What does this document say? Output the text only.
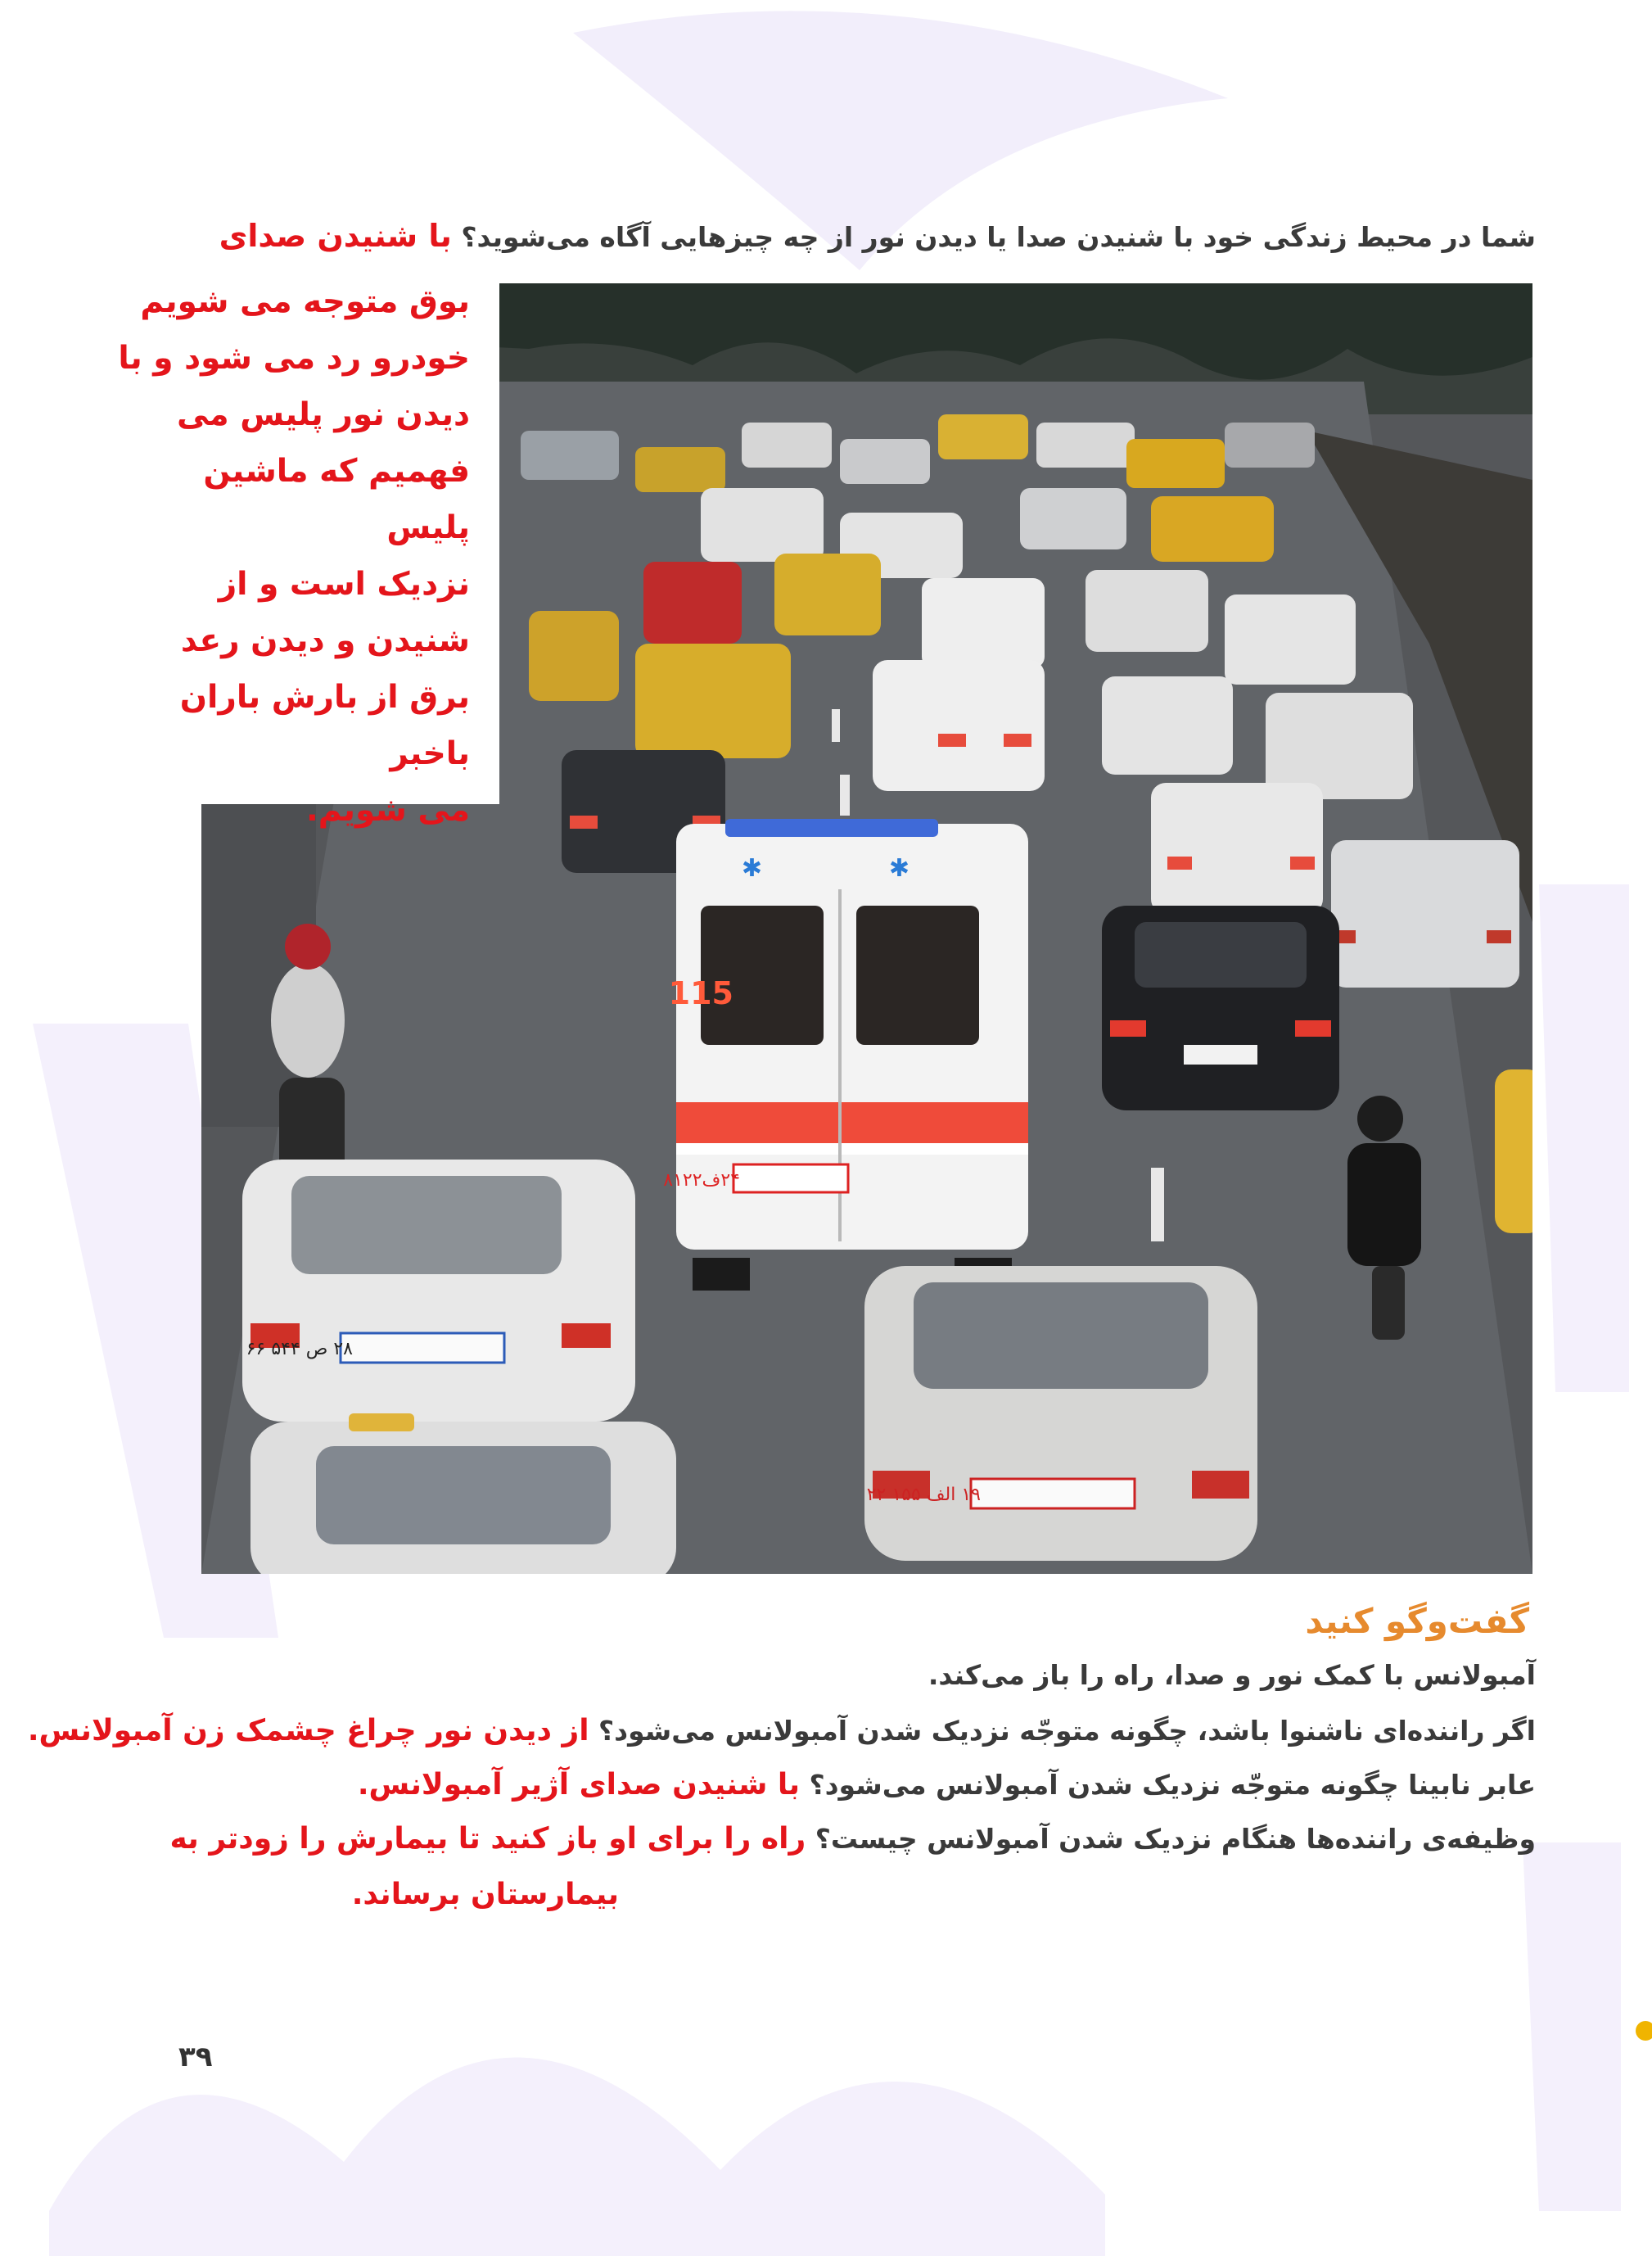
شما در محیط زندگی خود با شنیدن صدا یا دیدن نور از چه چیزهایی آگاه می‌شوید؟ با شنیدن صدای
✱	✱
115
۲۴ف۸۱۲۲
۲۸ ص ۵۴۴ ۶۶
۱۹ الف ۱۵۵ ۲۲
بوق متوجه می شویم
خودرو رد می شود و با
دیدن نور پلیس می
فهمیم که ماشین پلیس
نزدیک است و از
شنیدن و دیدن رعد
برق از بارش باران باخبر
می شویم.
گفت‌وگو کنید
آمبولانس با کمک نور و صدا، راه را باز می‌کند.
اگر راننده‌ای ناشنوا باشد، چگونه متوجّه نزدیک شدن آمبولانس می‌شود؟ از دیدن نور چراغ چشمک زن آمبولانس.
عابر نابینا چگونه متوجّه نزدیک شدن آمبولانس می‌شود؟ با شنیدن صدای آژیر آمبولانس.
وظیفه‌ی راننده‌ها هنگام نزدیک شدن آمبولانس چیست؟ راه را برای او باز کنید تا بیمارش را زودتر به
بیمارستان برساند.
۳۹
